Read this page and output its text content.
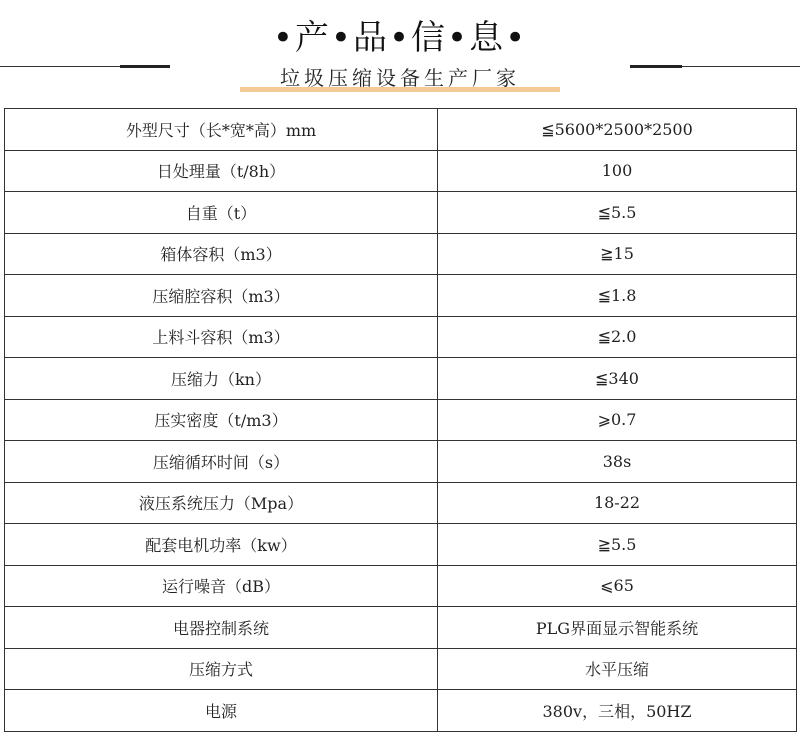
•产•品•信•息•
垃圾压缩设备生产厂家
外型尺寸（长*宽*高）mm	≦5600*2500*2500
日处理量（t/8h）	100
自重（t）	≦5.5
箱体容积（m3）	≧15
压缩腔容积（m3）	≦1.8
上料斗容积（m3）	≦2.0
压缩力（kn）	≦340
压实密度（t/m3）	⩾0.7
压缩循环时间（s）	38s
液压系统压力（Mpa）	18-22
配套电机功率（kw）	≧5.5
运行噪音（dB）	⩽65
电器控制系统	PLG界面显示智能系统
压缩方式	水平压缩
电源	380v，三相，50HZ
